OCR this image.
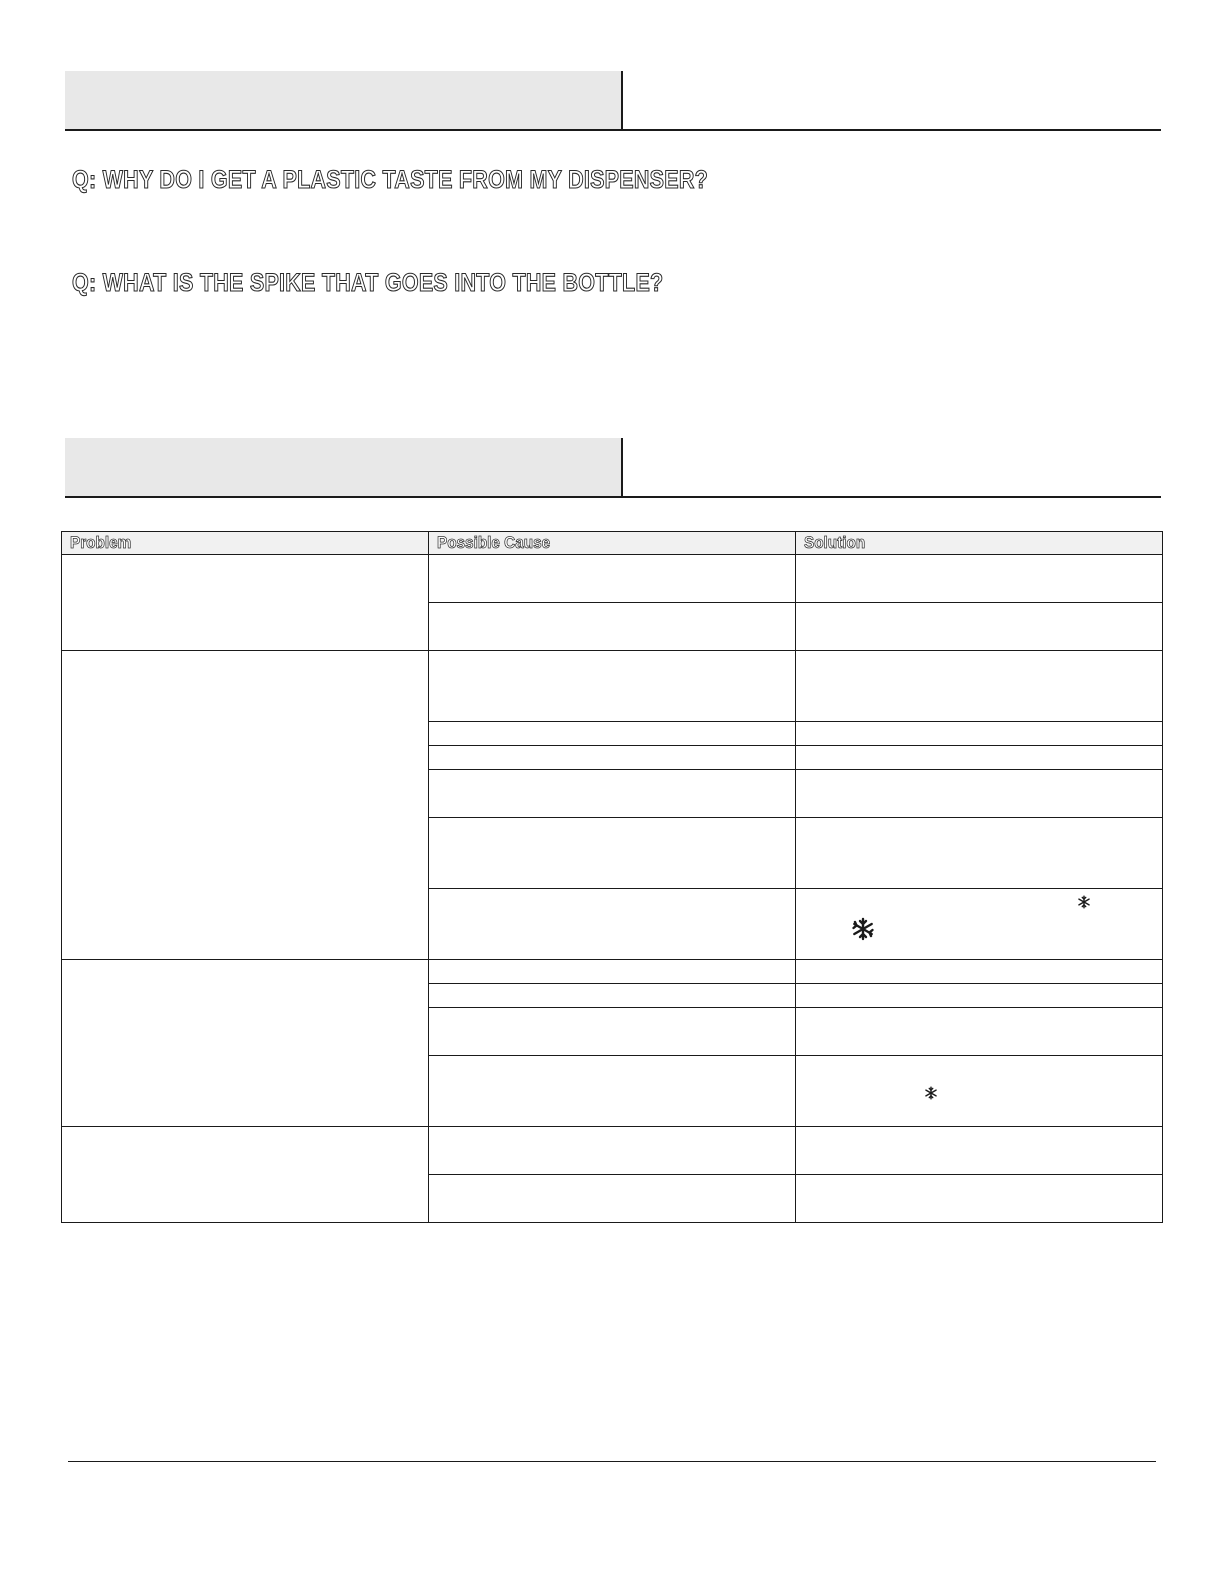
Q: WHY DO I GET A PLASTIC TASTE FROM MY DISPENSER?

Q: WHAT IS THE SPIKE THAT GOES INTO THE BOTTLE?

Problem	Possible Cause	Solution
